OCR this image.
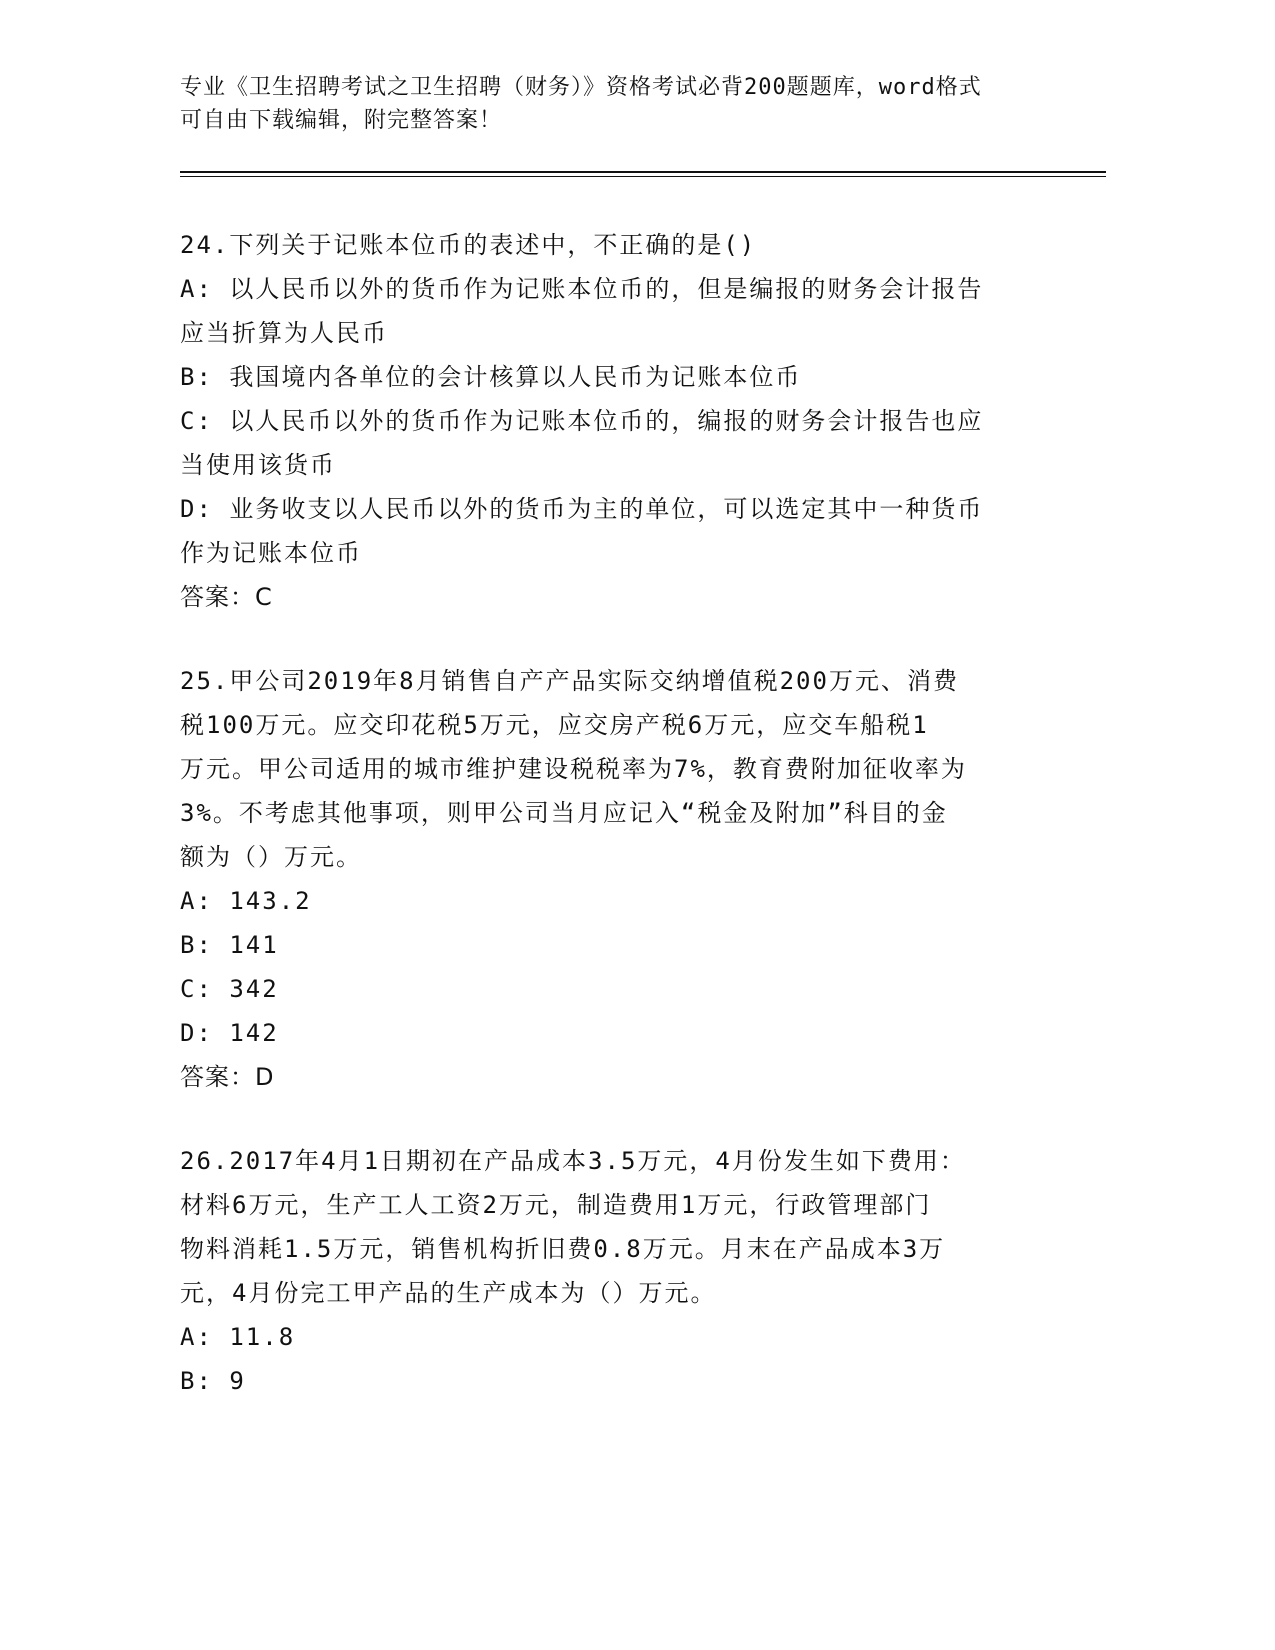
专业《卫生招聘考试之卫生招聘（财务）》资格考试必背200题题库，word格式
可自由下载编辑，附完整答案！

24.下列关于记账本位币的表述中，不正确的是()

A: 以人民币以外的货币作为记账本位币的，但是编报的财务会计报告

应当折算为人民币

B: 我国境内各单位的会计核算以人民币为记账本位币

C: 以人民币以外的货币作为记账本位币的，编报的财务会计报告也应

当使用该货币

D: 业务收支以人民币以外的货币为主的单位，可以选定其中一种货币

作为记账本位币

答案：C

25.甲公司2019年8月销售自产产品实际交纳增值税200万元、消费

税100万元。应交印花税5万元，应交房产税6万元，应交车船税1

万元。甲公司适用的城市维护建设税税率为7%，教育费附加征收率为

3%。不考虑其他事项，则甲公司当月应记入“税金及附加”科目的金

额为（）万元。

A: 143.2

B: 141

C: 342

D: 142

答案：D

26.2017年4月1日期初在产品成本3.5万元，4月份发生如下费用：

材料6万元，生产工人工资2万元，制造费用1万元，行政管理部门

物料消耗1.5万元，销售机构折旧费0.8万元。月末在产品成本3万

元，4月份完工甲产品的生产成本为（）万元。

A: 11.8

B: 9
